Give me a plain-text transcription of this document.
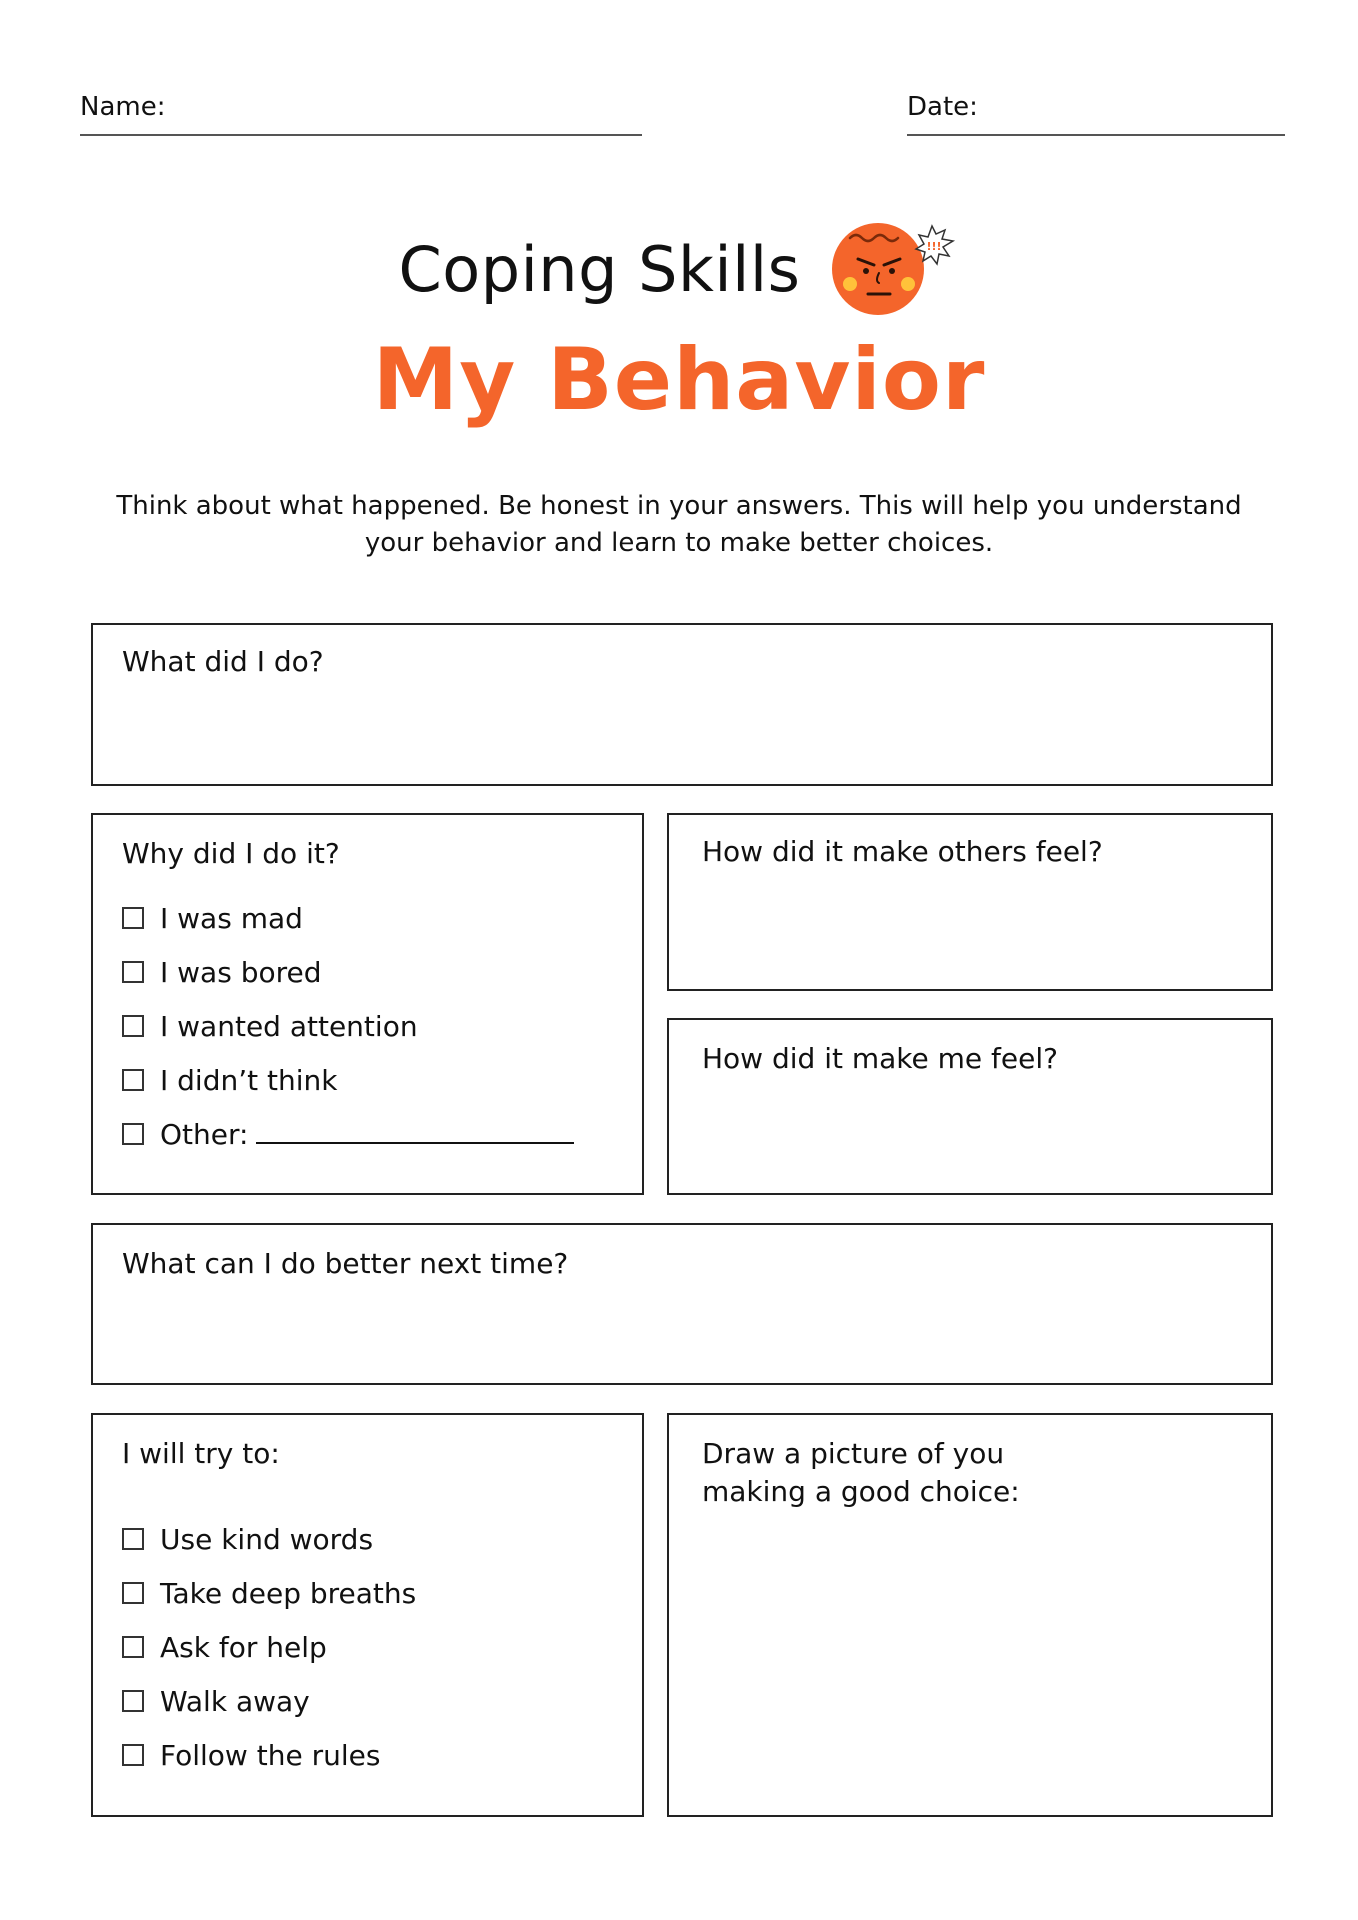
Name:	Date:
Coping Skills	!!!
My Behavior
Think about what happened. Be honest in your answers. This will help you understand your behavior and learn to make better choices.
What did I do?
Why did I do it?
I was mad
I was bored
I wanted attention
I didn’t think
Other:
How did it make others feel?
How did it make me feel?
What can I do better next time?
I will try to:
Use kind words
Take deep breaths
Ask for help
Walk away
Follow the rules
Draw a picture of you
making a good choice:
